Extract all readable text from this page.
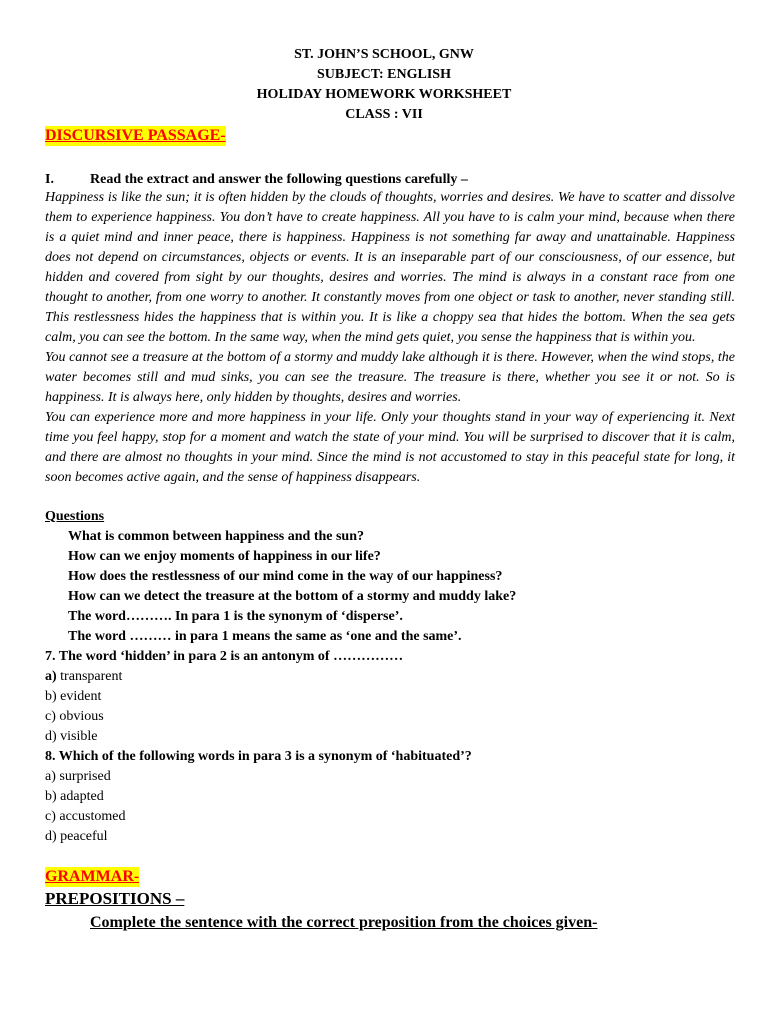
ST. JOHN’S SCHOOL, GNW
SUBJECT: ENGLISH
HOLIDAY HOMEWORK WORKSHEET
CLASS : VII
DISCURSIVE PASSAGE-
I.	Read the extract and answer the following questions carefully –

Happiness is like the sun; it is often hidden by the clouds of thoughts, worries and desires. We have to scatter and dissolve them to experience happiness. You don’t have to create happiness. All you have to is calm your mind, because when there is a quiet mind and inner peace, there is happiness. Happiness is not something far away and unattainable. Happiness does not depend on circumstances, objects or events. It is an inseparable part of our consciousness, of our essence, but hidden and covered from sight by our thoughts, desires and worries. The mind is always in a constant race from one thought to another, from one worry to another. It constantly moves from one object or task to another, never standing still. This restlessness hides the happiness that is within you. It is like a choppy sea that hides the bottom. When the sea gets calm, you can see the bottom. In the same way, when the mind gets quiet, you sense the happiness that is within you.

You cannot see a treasure at the bottom of a stormy and muddy lake although it is there. However, when the wind stops, the water becomes still and mud sinks, you can see the treasure. The treasure is there, whether you see it or not. So is happiness. It is always here, only hidden by thoughts, desires and worries.

You can experience more and more happiness in your life. Only your thoughts stand in your way of experiencing it. Next time you feel happy, stop for a moment and watch the state of your mind. You will be surprised to discover that it is calm, and there are almost no thoughts in your mind. Since the mind is not accustomed to stay in this peaceful state for long, it soon becomes active again, and the sense of happiness disappears.

Questions
What is common between happiness and the sun?
How can we enjoy moments of happiness in our life?
How does the restlessness of our mind come in the way of our happiness?
How can we detect the treasure at the bottom of a stormy and muddy lake?
The word………. In para 1 is the synonym of ‘disperse’.
The word ……… in para 1 means the same as ‘one and the same’.
7. The word ‘hidden’ in para 2 is an antonym of ……………
a) transparent
b) evident
c) obvious
d) visible
8. Which of the following words in para 3 is a synonym of ‘habituated’?
a) surprised
b) adapted
c) accustomed
d) peaceful
GRAMMAR-
PREPOSITIONS –
Complete the sentence with the correct preposition from the choices given-
